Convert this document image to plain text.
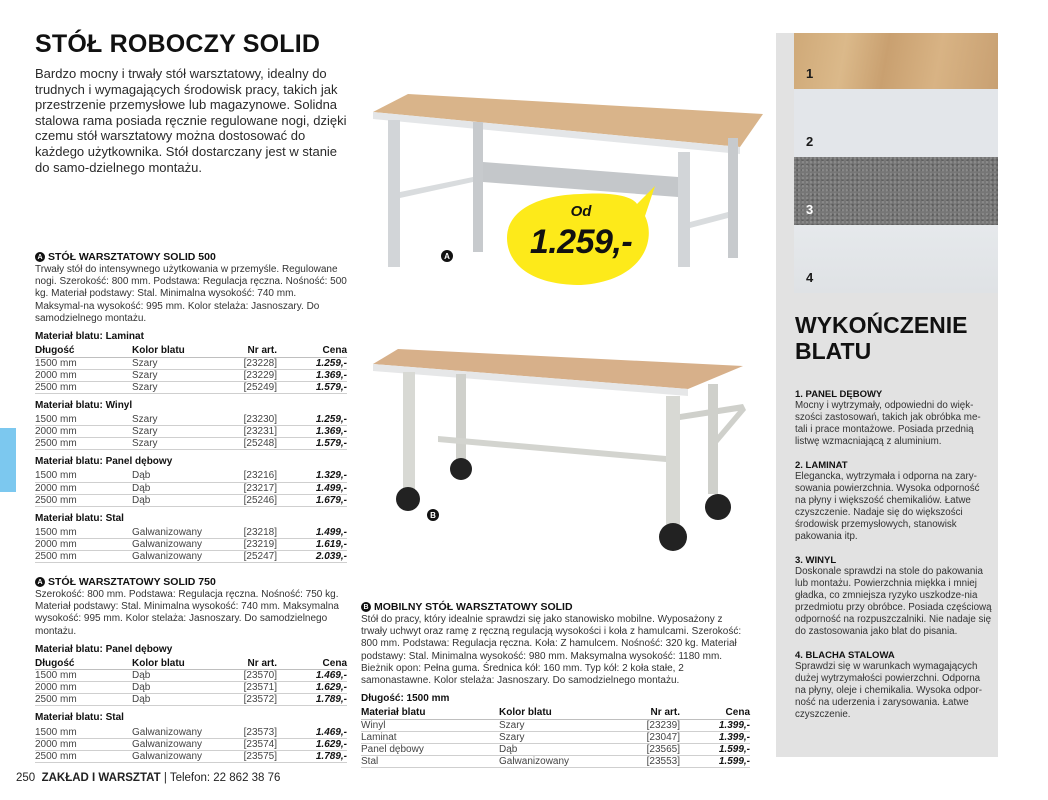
STÓŁ ROBOCZY SOLID

Bardzo mocny i trwały stół warsztatowy, idealny do trudnych i wymagających środowisk pracy, takich jak przestrzenie przemysłowe lub magazynowe. Solidna stalowa rama posiada ręcznie regulowane nogi, dzięki czemu stół warsztatowy można dostosować do każdego użytkownika. Stół dostarczany jest w stanie do samo-dzielnego montażu.

A STÓŁ WARSZTATOWY SOLID 500

Trwały stół do intensywnego użytkowania w przemyśle. Regulowane nogi. Szerokość: 800 mm. Podstawa: Regulacja ręczna. Nośność: 500 kg. Materiał podstawy: Stal. Minimalna wysokość: 740 mm. Maksymal-na wysokość: 995 mm. Kolor stelaża: Jasnoszary. Do samodzielnego montażu.

Materiał blatu: Laminat
Długość	Kolor blatu	Nr art.	Cena
1500 mm	Szary	[23228]	1.259,-
2000 mm	Szary	[23229]	1.369,-
2500 mm	Szary	[25249]	1.579,-
Materiał blatu: Winyl
1500 mm	Szary	[23230]	1.259,-
2000 mm	Szary	[23231]	1.369,-
2500 mm	Szary	[25248]	1.579,-
Materiał blatu: Panel dębowy
1500 mm	Dąb	[23216]	1.329,-
2000 mm	Dąb	[23217]	1.499,-
2500 mm	Dąb	[25246]	1.679,-
Materiał blatu: Stal
1500 mm	Galwanizowany	[23218]	1.499,-
2000 mm	Galwanizowany	[23219]	1.619,-
2500 mm	Galwanizowany	[25247]	2.039,-
A STÓŁ WARSZTATOWY SOLID 750

Szerokość: 800 mm. Podstawa: Regulacja ręczna. Nośność: 750 kg. Materiał podstawy: Stal. Minimalna wysokość: 740 mm. Maksymalna wysokość: 995 mm. Kolor stelaża: Jasnoszary. Do samodzielnego montażu.

Materiał blatu: Panel dębowy
Długość	Kolor blatu	Nr art.	Cena
1500 mm	Dąb	[23570]	1.469,-
2000 mm	Dąb	[23571]	1.629,-
2500 mm	Dąb	[23572]	1.789,-
Materiał blatu: Stal
1500 mm	Galwanizowany	[23573]	1.469,-
2000 mm	Galwanizowany	[23574]	1.629,-
2500 mm	Galwanizowany	[23575]	1.789,-
B MOBILNY STÓŁ WARSZTATOWY SOLID

Stół do pracy, który idealnie sprawdzi się jako stanowisko mobilne. Wyposażony z trwały uchwyt oraz ramę z ręczną regulacją wysokości i koła z hamulcami. Szerokość: 800 mm. Podstawa: Regulacja ręczna. Koła: Z hamulcem. Nośność: 320 kg. Materiał podstawy: Stal. Minimalna wysokość: 980 mm. Maksymalna wysokość: 1180 mm. Bieżnik opon: Pełna guma. Średnica kół: 160 mm. Typ kół: 2 koła stałe, 2 samonastawne. Kolor stelaża: Jasnoszary. Do samodzielnego montażu.

Długość: 1500 mm
Materiał blatu	Kolor blatu	Nr art.	Cena
Winyl	Szary	[23239]	1.399,-
Laminat	Szary	[23047]	1.399,-
Panel dębowy	Dąb	[23565]	1.599,-
Stal	Galwanizowany	[23553]	1.599,-
A
Od
1.259,-
B
1
2
3
4
WYKOŃCZENIE
BLATU
1. PANEL DĘBOWY

Mocny i wytrzymały, odpowiedni do więk-szości zastosowań, takich jak obróbka me-tali i prace montażowe. Posiada przednią listwę wzmacniającą z aluminium.

2. LAMINAT

Elegancka, wytrzymała i odporna na zary-sowania powierzchnia. Wysoka odporność na płyny i większość chemikaliów. Łatwe czyszczenie. Nadaje się do większości środowisk przemysłowych, stanowisk pakowania itp.

3. WINYL

Doskonale sprawdzi na stole do pakowania lub montażu. Powierzchnia miękka i mniej gładka, co zmniejsza ryzyko uszkodze-nia przedmiotu przy obróbce. Posiada częściową odporność na rozpuszczalniki. Nie nadaje się do zastosowania jako blat do pisania.

4. BLACHA STALOWA

Sprawdzi się w warunkach wymagających dużej wytrzymałości powierzchni. Odporna na płyny, oleje i chemikalia. Wysoka odpor-ność na uderzenia i zarysowania. Łatwe czyszczenie.

250 ZAKŁAD I WARSZTAT | Telefon: 22 862 38 76
